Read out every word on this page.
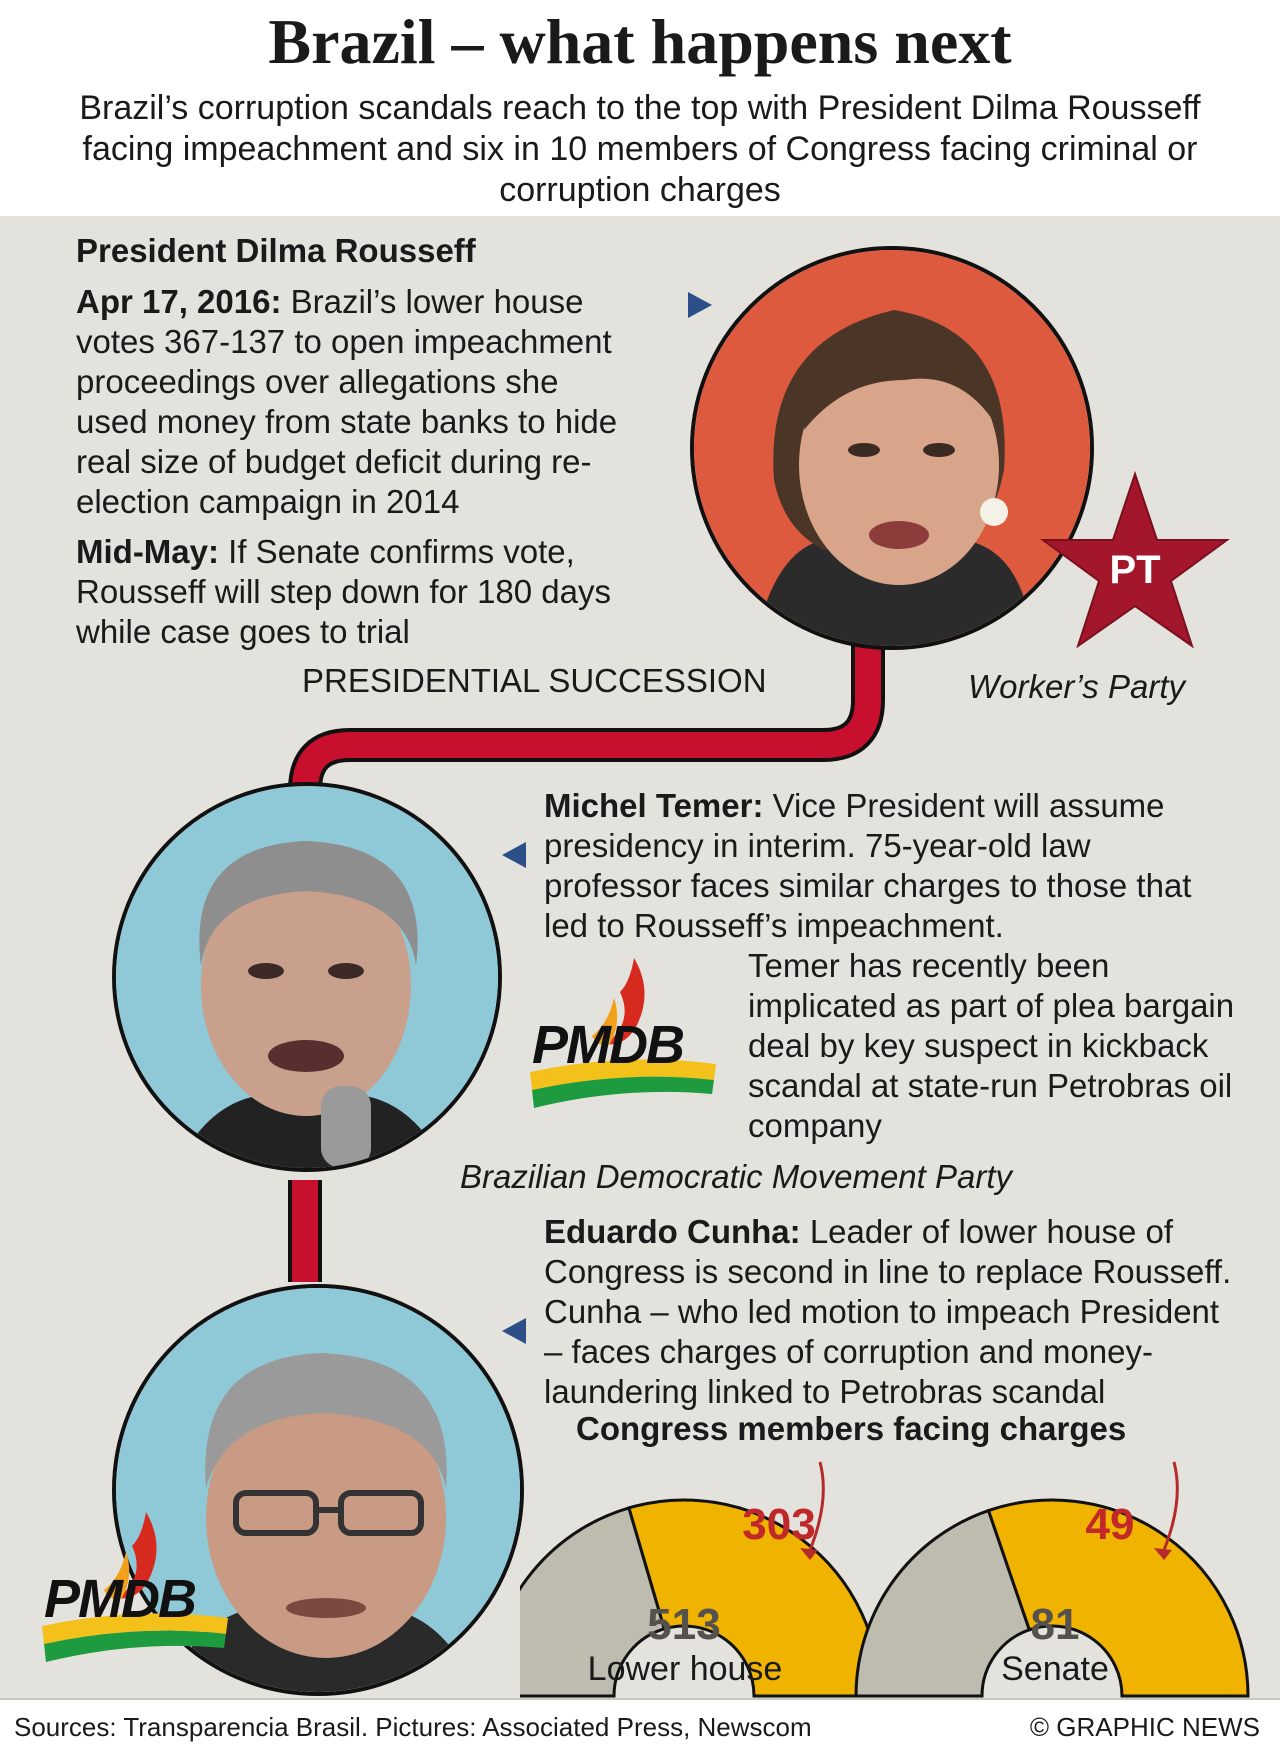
Brazil – what happens next
Brazil’s corruption scandals reach to the top with President Dilma Rousseff facing impeachment and six in 10 members of Congress facing criminal or corruption charges
President Dilma Rousseff
Apr 17, 2016: Brazil’s lower house votes 367-137 to open impeachment proceedings over allegations she used money from state banks to hide real size of budget deficit during re-election campaign in 2014
Mid-May: If Senate confirms vote, Rousseff will step down for 180 days while case goes to trial
PT
Worker’s Party
PRESIDENTIAL SUCCESSION
Michel Temer: Vice President will assume presidency in interim. 75-year-old law professor faces similar charges to those that led to Rousseff’s impeachment.
Temer has recently been implicated as part of plea bargain deal by key suspect in kickback scandal at state-run Petrobras oil company
PMDB
Brazilian Democratic Movement Party
Eduardo Cunha: Leader of lower house of Congress is second in line to replace Rousseff. Cunha – who led motion to impeach President – faces charges of corruption and money-laundering linked to Petrobras scandal
PMDB
Congress members facing charges
303
513
Lower house
49
81
Senate
Sources: Transparencia Brasil. Pictures: Associated Press, Newscom	© GRAPHIC NEWS
